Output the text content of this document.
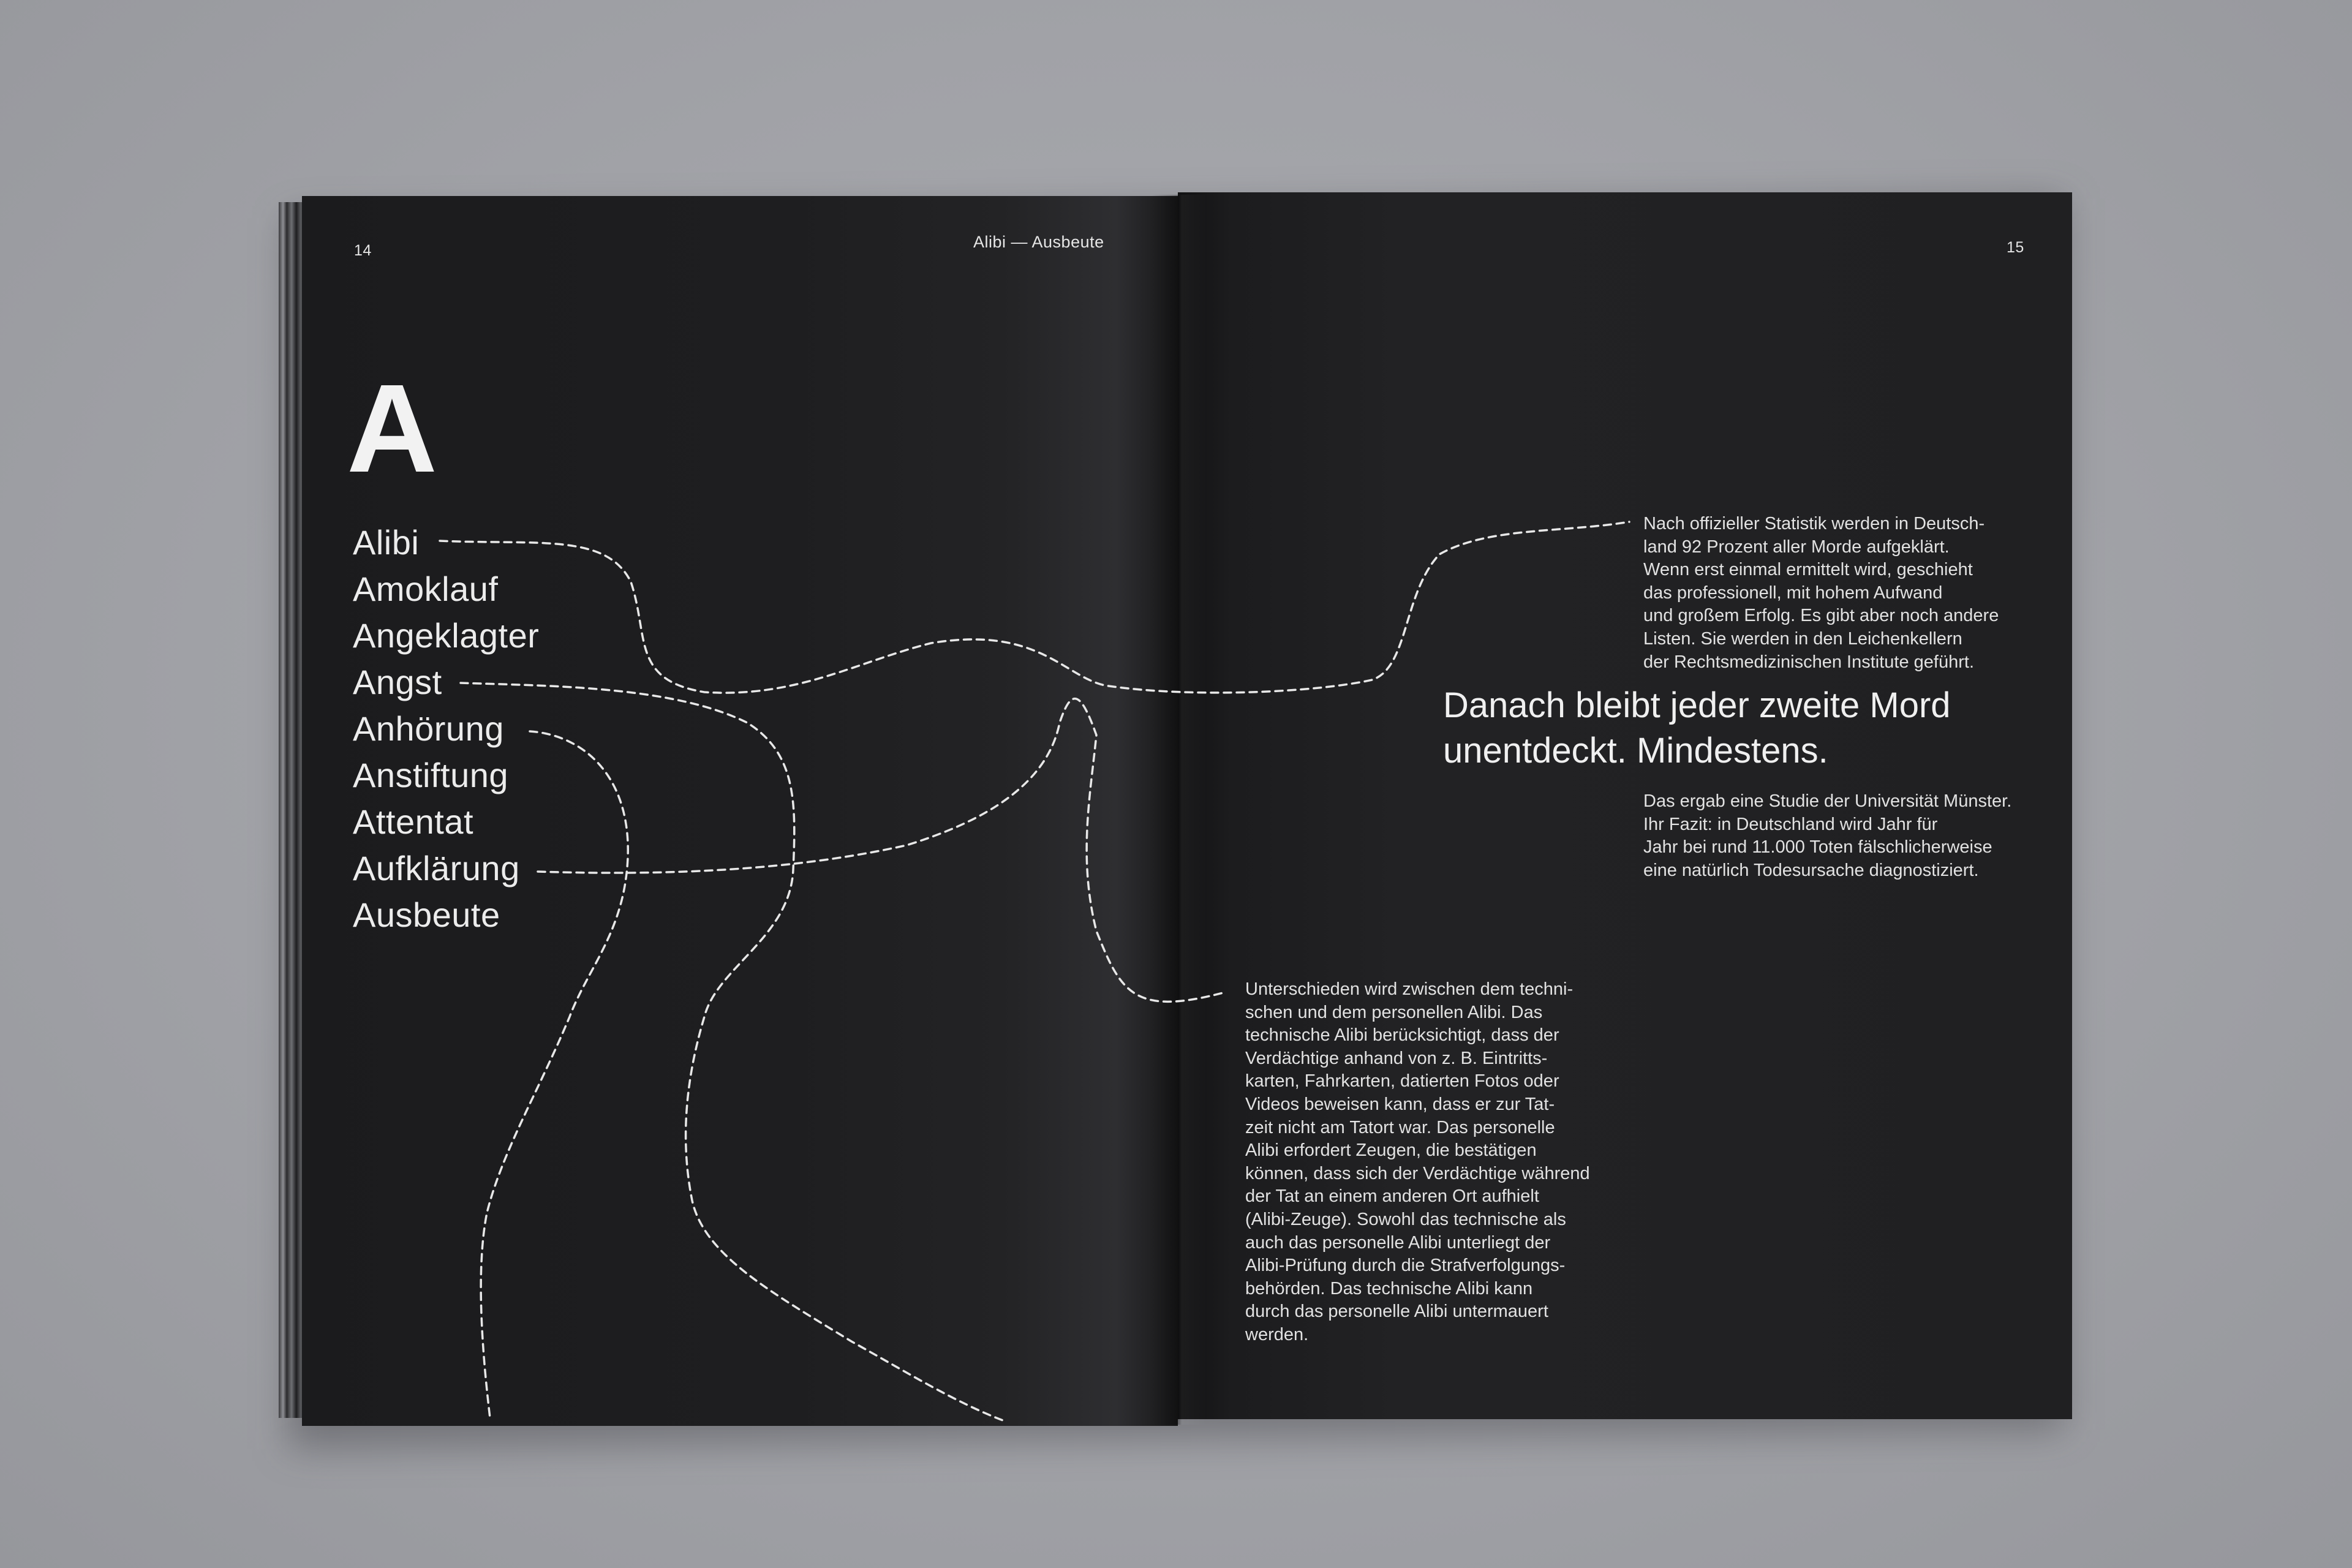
14	Alibi — Ausbeute
A
Alibi
Amoklauf
Angeklagter
Angst
Anhörung
Anstiftung
Attentat
Aufklärung
Ausbeute
15

Nach offizieller Statistik werden in Deutsch-
land 92 Prozent aller Morde aufgeklärt.
Wenn erst einmal ermittelt wird, geschieht
das professionell, mit hohem Aufwand
und großem Erfolg. Es gibt aber noch andere
Listen. Sie werden in den Leichenkellern
der Rechtsmedizinischen Institute geführt.

Danach bleibt jeder zweite Mord
unentdeckt. Mindestens.

Das ergab eine Studie der Universität Münster.
Ihr Fazit: in Deutschland wird Jahr für
Jahr bei rund 11.000 Toten fälschlicherweise
eine natürlich Todesursache diagnostiziert.

Unterschieden wird zwischen dem techni-
schen und dem personellen Alibi. Das
technische Alibi berücksichtigt, dass der
Verdächtige anhand von z. B. Eintritts-
karten, Fahrkarten, datierten Fotos oder
Videos beweisen kann, dass er zur Tat-
zeit nicht am Tatort war. Das personelle
Alibi erfordert Zeugen, die bestätigen
können, dass sich der Verdächtige während
der Tat an einem anderen Ort aufhielt
(Alibi-Zeuge). Sowohl das technische als
auch das personelle Alibi unterliegt der
Alibi-Prüfung durch die Strafverfolgungs-
behörden. Das technische Alibi kann
durch das personelle Alibi untermauert
werden.
